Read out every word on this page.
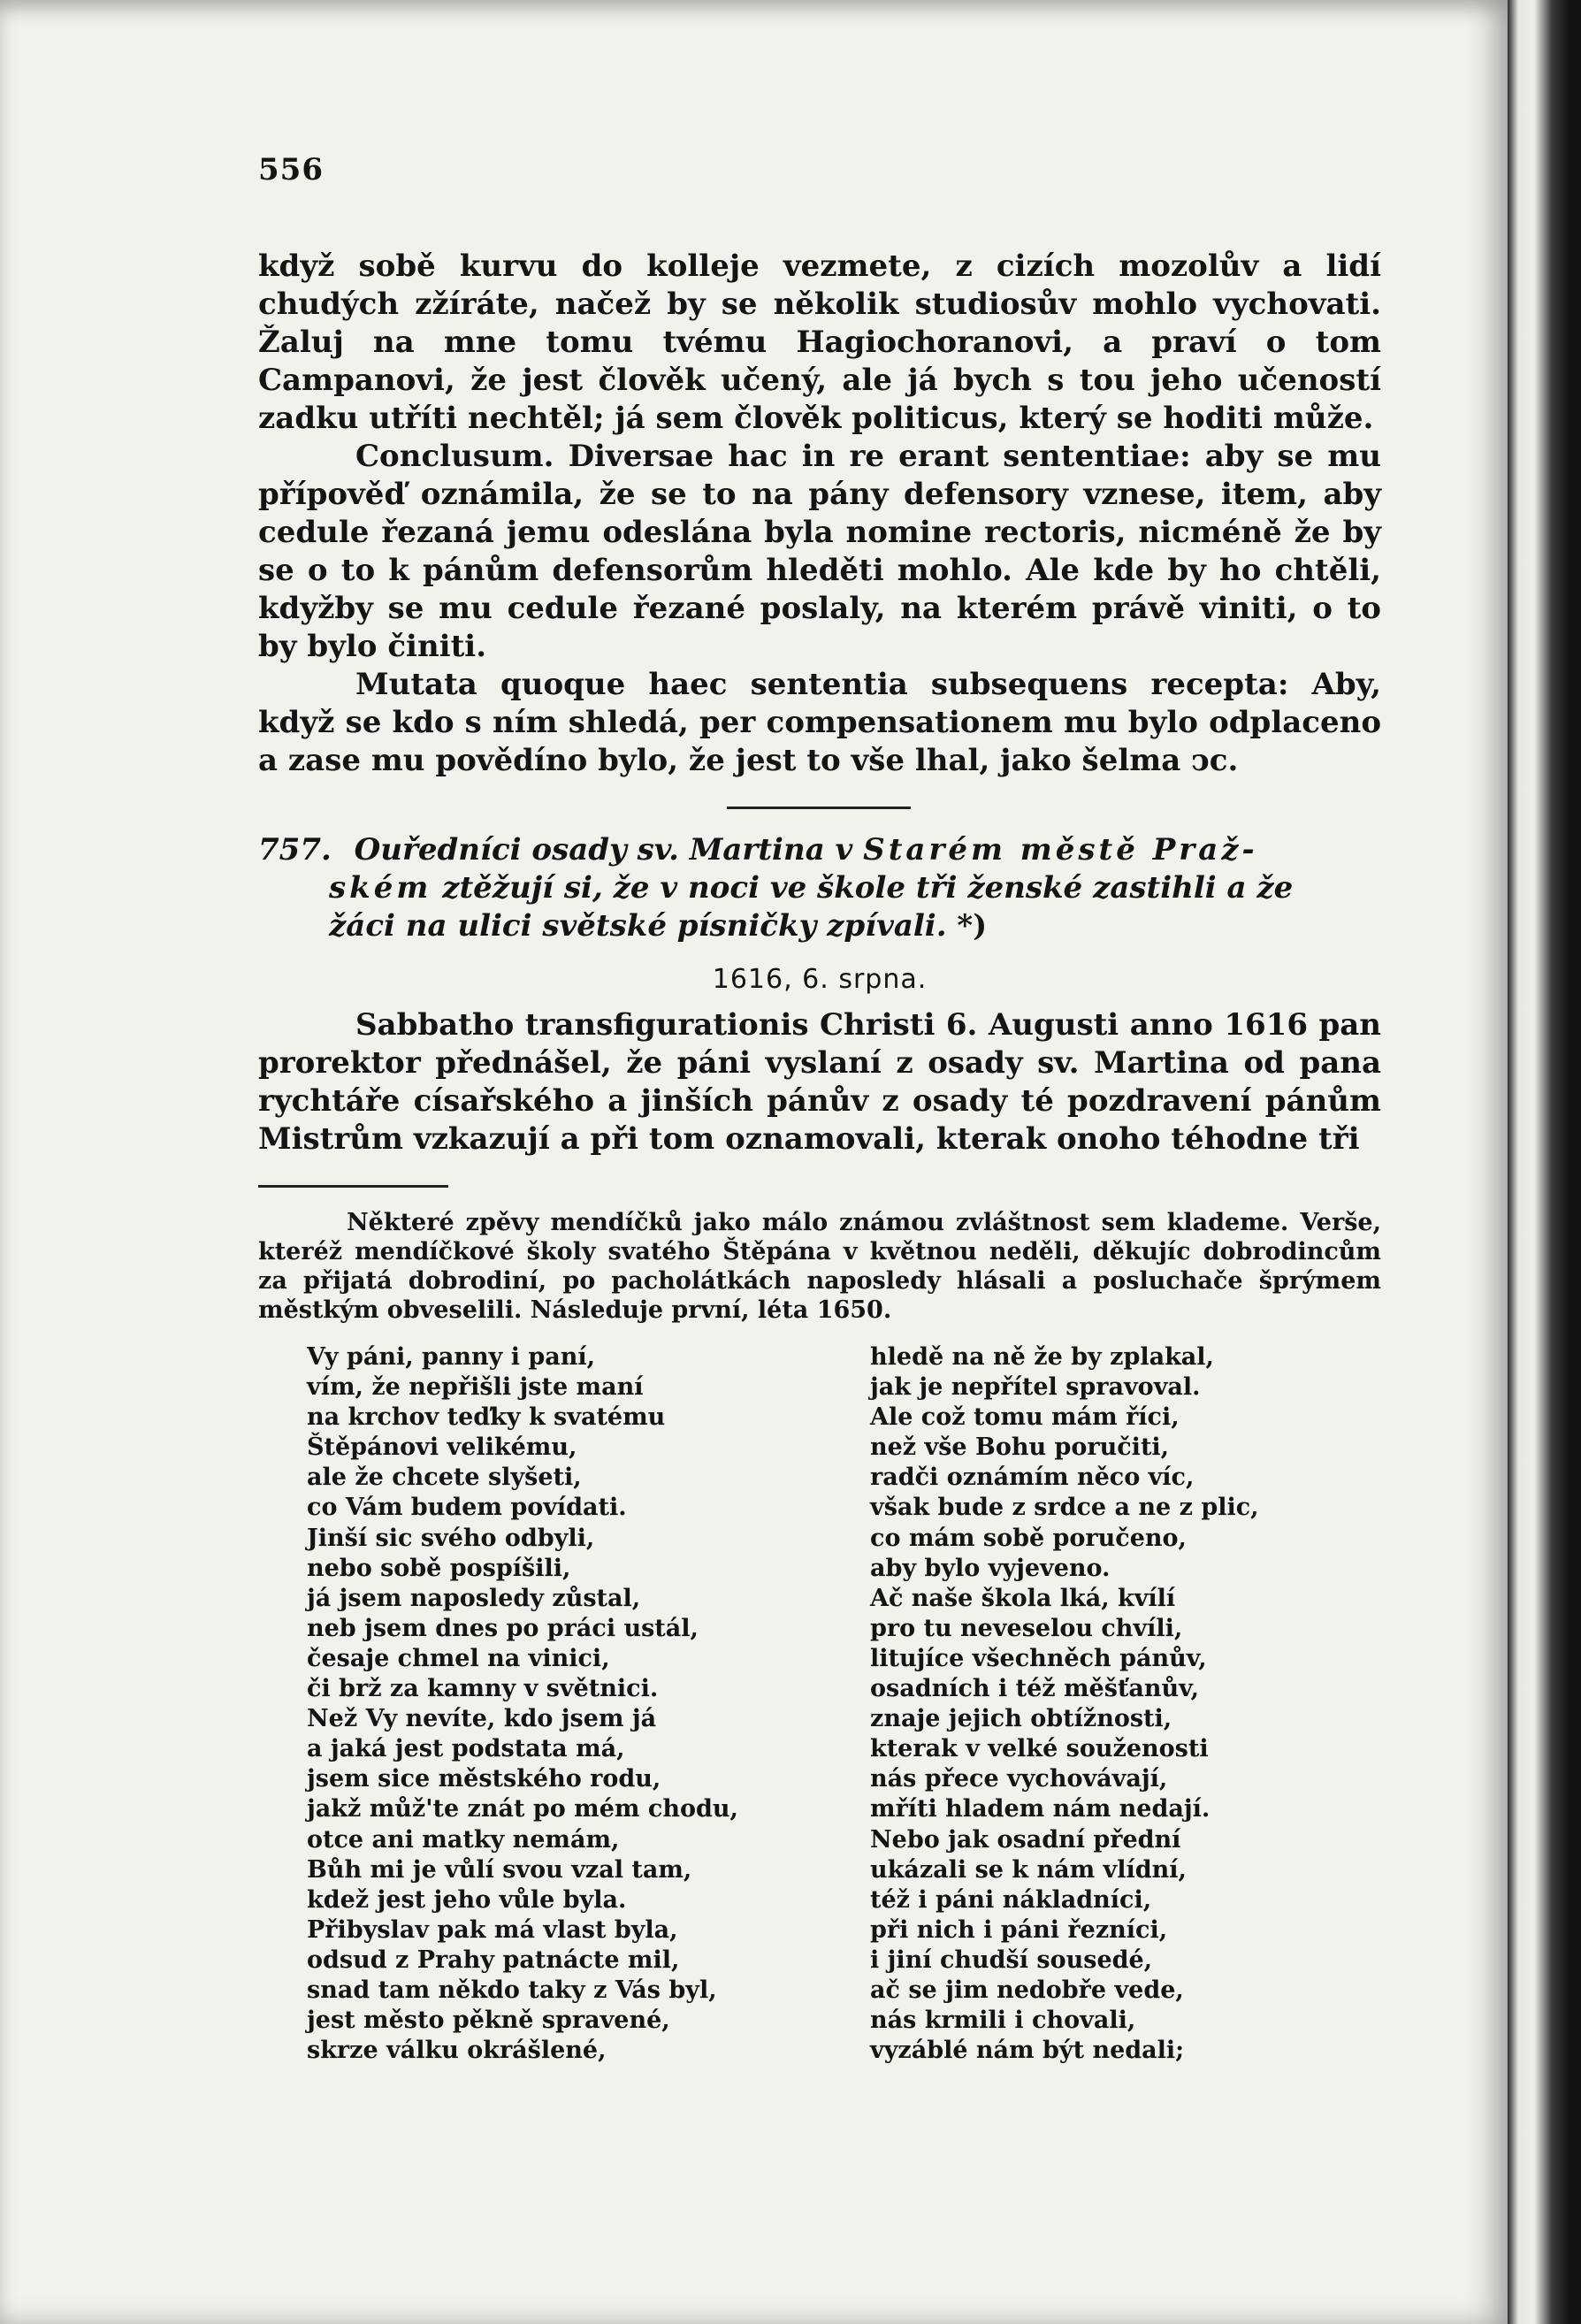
556

když sobě kurvu do kolleje vezmete, z cizích mozolův a lidí chudých zžíráte, načež by se několik studiosův mohlo vychovati. Žaluj na mne tomu tvému Hagiochoranovi, a praví o tom Campanovi, že jest člověk učený, ale já bych s tou jeho učeností zadku utříti nechtěl; já sem člověk politicus, který se hoditi může.

Conclusum. Diversae hac in re erant sententiae: aby se mu přípověď oznámila, že se to na pány defensory vznese, item, aby cedule řezaná jemu odeslána byla nomine rectoris, nicméně že by se o to k pánům defensorům hleděti mohlo. Ale kde by ho chtěli, kdyžby se mu cedule řezané poslaly, na kterém právě viniti, o to by bylo činiti.

Mutata quoque haec sententia subsequens recepta: Aby, když se kdo s ním shledá, per compensationem mu bylo odplaceno a zase mu povědíno bylo, že jest to vše lhal, jako šelma ↄc.

757. Ouředníci osady sv. Martina v Starém městě Praž-
ském ztěžují si, že v noci ve škole tři ženské zastihli a že
žáci na ulici světské písničky zpívali. *)
1616, 6. srpna.

Sabbatho transfigurationis Christi 6. Augusti anno 1616 pan prorektor přednášel, že páni vyslaní z osady sv. Martina od pana rychtáře císařského a jinších pánův z osady té pozdravení pánům Mistrům vzkazují a při tom oznamovali, kterak onoho téhodne tři

Některé zpěvy mendíčků jako málo známou zvláštnost sem klademe. Verše, kteréž mendíčkové školy svatého Štěpána v květnou neděli, děkujíc dobrodincům za přijatá dobrodiní, po pacholátkách naposledy hlásali a posluchače šprýmem městkým obveselili. Následuje první, léta 1650.

Vy páni, panny i paní,
vím, že nepřišli jste maní
na krchov teďky k svatému
Štěpánovi velikému,
ale že chcete slyšeti,
co Vám budem povídati.
Jinší sic svého odbyli,
nebo sobě pospíšili,
já jsem naposledy zůstal,
neb jsem dnes po práci ustál,
česaje chmel na vinici,
či brž za kamny v světnici.
Než Vy nevíte, kdo jsem já
a jaká jest podstata má,
jsem sice městského rodu,
jakž můž'te znát po mém chodu,
otce ani matky nemám,
Bůh mi je vůlí svou vzal tam,
kdež jest jeho vůle byla.
Přibyslav pak má vlast byla,
odsud z Prahy patnácte mil,
snad tam někdo taky z Vás byl,
jest město pěkně spravené,
skrze válku okrášlené,
hledě na ně že by zplakal,
jak je nepřítel spravoval.
Ale což tomu mám říci,
než vše Bohu poručiti,
radči oznámím něco víc,
však bude z srdce a ne z plic,
co mám sobě poručeno,
aby bylo vyjeveno.
Ač naše škola lká, kvílí
pro tu neveselou chvíli,
litujíce všechněch pánův,
osadních i též měšťanův,
znaje jejich obtížnosti,
kterak v velké souženosti
nás přece vychovávají,
mříti hladem nám nedají.
Nebo jak osadní přední
ukázali se k nám vlídní,
též i páni nákladníci,
při nich i páni řezníci,
i jiní chudší sousedé,
ač se jim nedobře vede,
nás krmili i chovali,
vyzáblé nám být nedali;
